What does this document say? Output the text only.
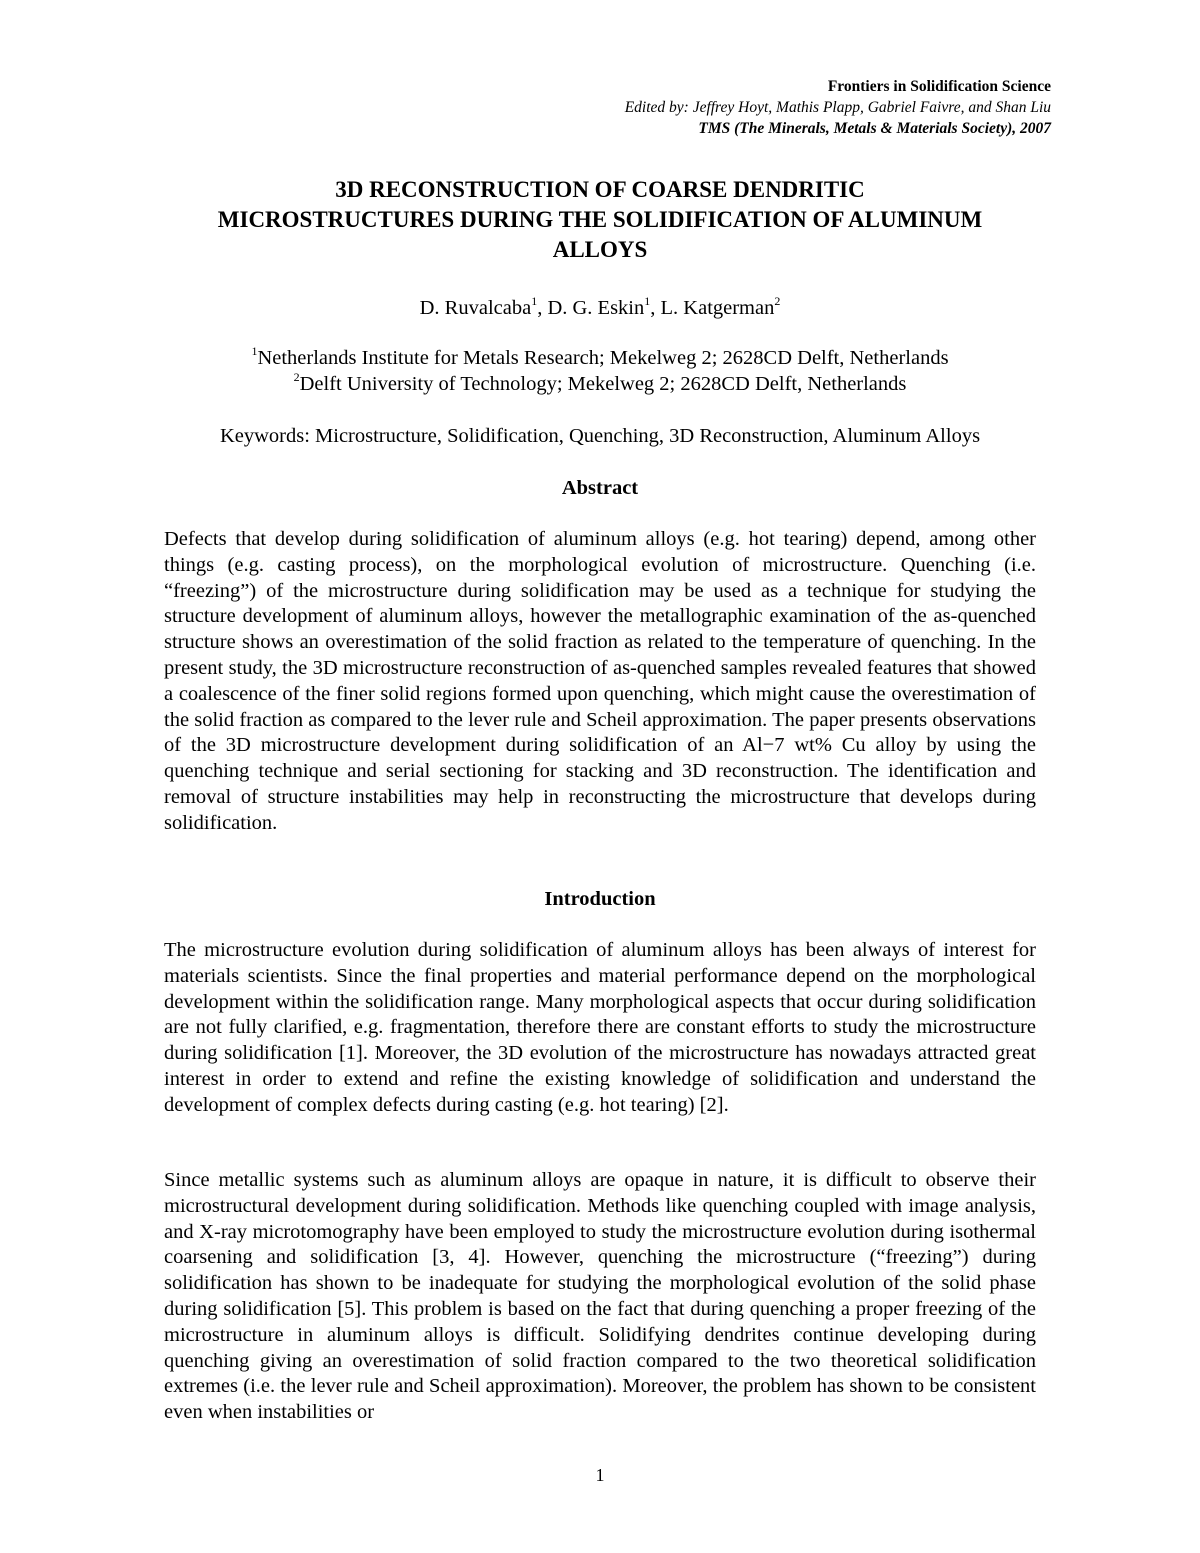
Frontiers in Solidification Science
Edited by: Jeffrey Hoyt, Mathis Plapp, Gabriel Faivre, and Shan Liu
TMS (The Minerals, Metals & Materials Society), 2007
3D RECONSTRUCTION OF COARSE DENDRITIC
MICROSTRUCTURES DURING THE SOLIDIFICATION OF ALUMINUM
ALLOYS
D. Ruvalcaba$^1$, D. G. Eskin$^1$, L. Katgerman$^2$
$^1$Netherlands Institute for Metals Research; Mekelweg 2; 2628CD Delft, Netherlands
$^2$Delft University of Technology; Mekelweg 2; 2628CD Delft, Netherlands
Keywords: Microstructure, Solidification, Quenching, 3D Reconstruction, Aluminum Alloys
Abstract

Defects that develop during solidification of aluminum alloys (e.g. hot tearing) depend, among other things (e.g. casting process), on the morphological evolution of microstructure. Quenching (i.e. “freezing”) of the microstructure during solidification may be used as a technique for studying the structure development of aluminum alloys, however the metallographic examination of the as-quenched structure shows an overestimation of the solid fraction as related to the temperature of quenching. In the present study, the 3D microstructure reconstruction of as-quenched samples revealed features that showed a coalescence of the finer solid regions formed upon quenching, which might cause the overestimation of the solid fraction as compared to the lever rule and Scheil approximation. The paper presents observations of the 3D microstructure development during solidification of an Al−7 wt% Cu alloy by using the quenching technique and serial sectioning for stacking and 3D reconstruction. The identification and removal of structure instabilities may help in reconstructing the microstructure that develops during solidification.

Introduction

The microstructure evolution during solidification of aluminum alloys has been always of interest for materials scientists. Since the final properties and material performance depend on the morphological development within the solidification range. Many morphological aspects that occur during solidification are not fully clarified, e.g. fragmentation, therefore there are constant efforts to study the microstructure during solidification [1]. Moreover, the 3D evolution of the microstructure has nowadays attracted great interest in order to extend and refine the existing knowledge of solidification and understand the development of complex defects during casting (e.g. hot tearing) [2].

Since metallic systems such as aluminum alloys are opaque in nature, it is difficult to observe their microstructural development during solidification. Methods like quenching coupled with image analysis, and X-ray microtomography have been employed to study the microstructure evolution during isothermal coarsening and solidification [3, 4]. However, quenching the microstructure (“freezing”) during solidification has shown to be inadequate for studying the morphological evolution of the solid phase during solidification [5]. This problem is based on the fact that during quenching a proper freezing of the microstructure in aluminum alloys is difficult. Solidifying dendrites continue developing during quenching giving an overestimation of solid fraction compared to the two theoretical solidification extremes (i.e. the lever rule and Scheil approximation). Moreover, the problem has shown to be consistent even when instabilities or

1
